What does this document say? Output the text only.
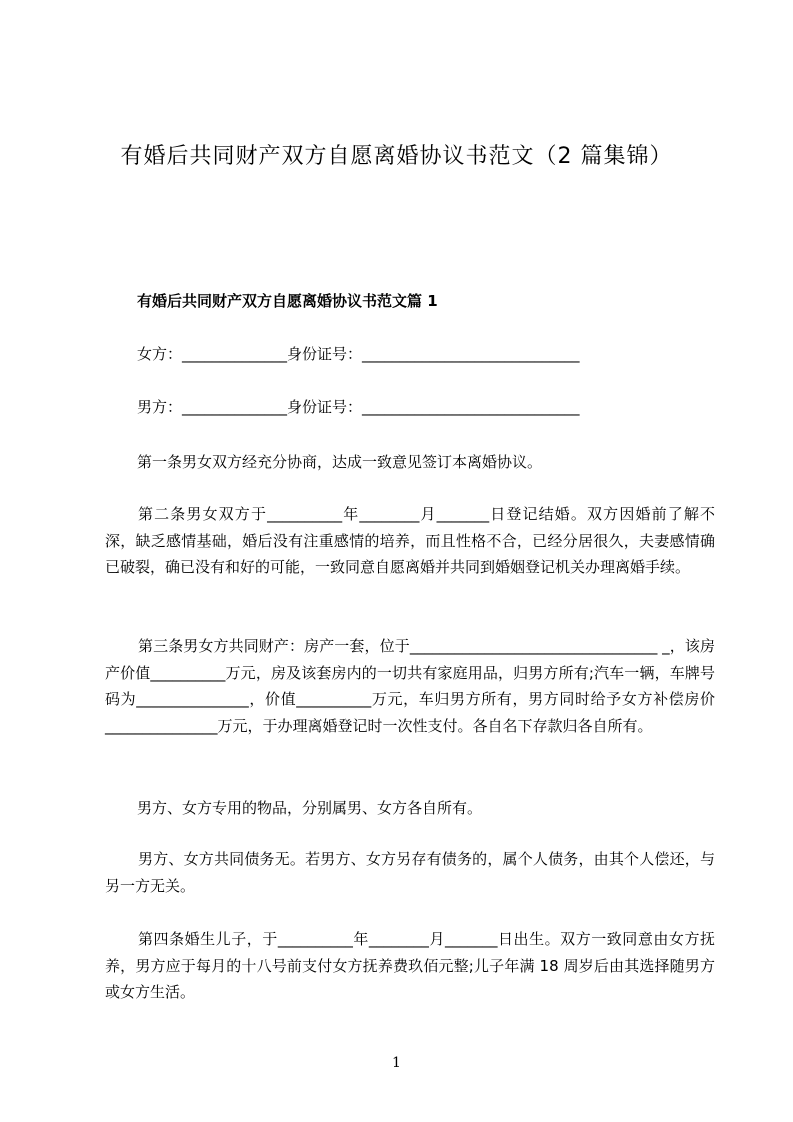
有婚后共同财产双方自愿离婚协议书范文（2 篇集锦）
有婚后共同财产双方自愿离婚协议书范文篇 1
女方：______________身份证号：_____________________________
男方：______________身份证号：_____________________________
第一条男女双方经充分协商，达成一致意见签订本离婚协议。

第二条男女双方于__________年________月_______日登记结婚。双方因婚前了解不深，缺乏感情基础，婚后没有注重感情的培养，而且性格不合，已经分居很久，夫妻感情确已破裂，确已没有和好的可能，一致同意自愿离婚并共同到婚姻登记机关办理离婚手续。

第三条男女方共同财产：房产一套，位于_________________________________ _，该房产价值__________万元，房及该套房内的一切共有家庭用品，归男方所有;汽车一辆，车牌号码为_______________，价值__________万元，车归男方所有，男方同时给予女方补偿房价_______________万元，于办理离婚登记时一次性支付。各自名下存款归各自所有。

男方、女方专用的物品，分别属男、女方各自所有。

男方、女方共同债务无。若男方、女方另存有债务的，属个人债务，由其个人偿还，与另一方无关。

第四条婚生儿子，于__________年________月_______日出生。双方一致同意由女方抚养，男方应于每月的十八号前支付女方抚养费玖佰元整;儿子年满 18 周岁后由其选择随男方或女方生活。

1
